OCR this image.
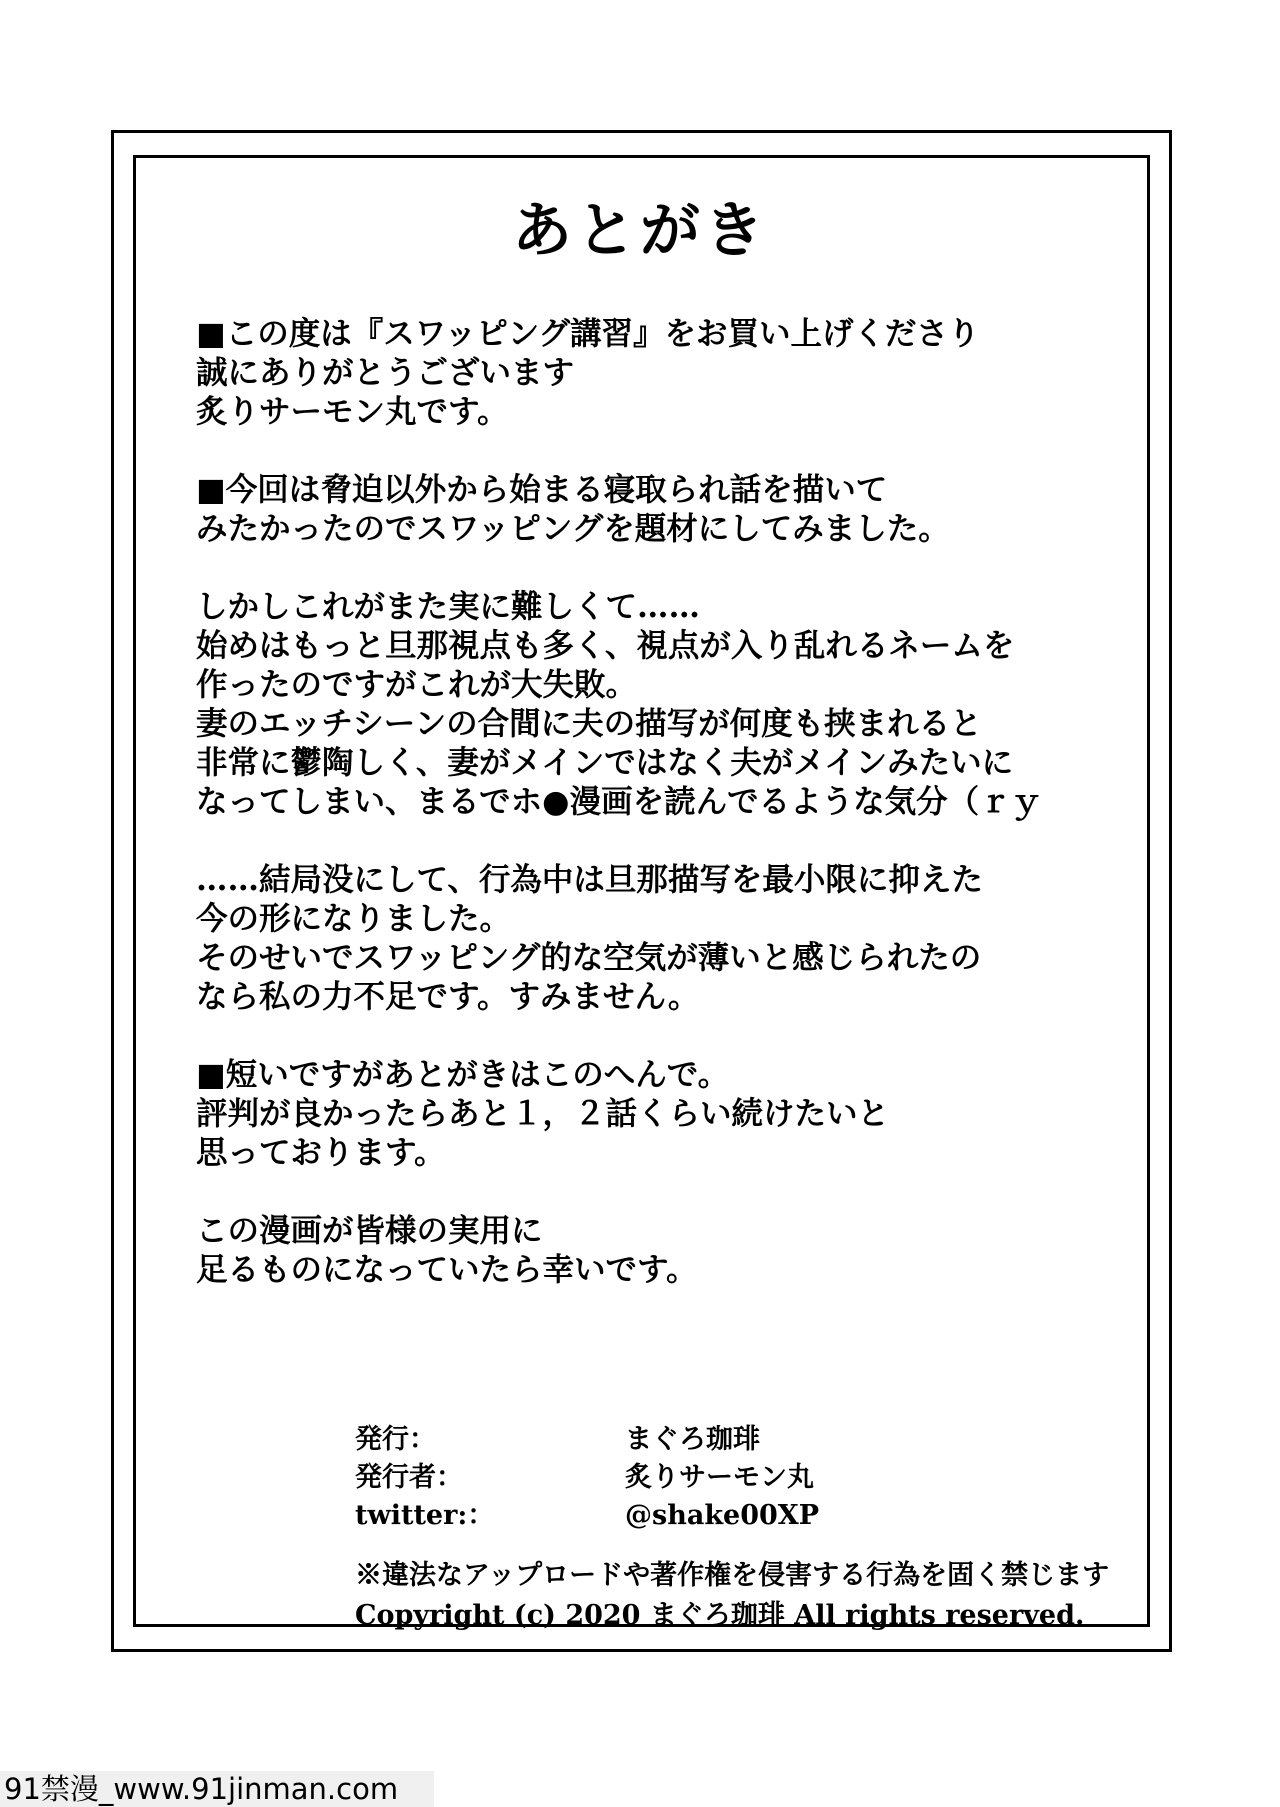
あとがき
■この度は『スワッピング講習』をお買い上げくださり
誠にありがとうございます
炙りサーモン丸です。
■今回は脅迫以外から始まる寝取られ話を描いて
みたかったのでスワッピングを題材にしてみました。
しかしこれがまた実に難しくて……
始めはもっと旦那視点も多く、視点が入り乱れるネームを
作ったのですがこれが大失敗。
妻のエッチシーンの合間に夫の描写が何度も挟まれると
非常に鬱陶しく、妻がメインではなく夫がメインみたいに
なってしまい、まるでホ●漫画を読んでるような気分（ｒｙ
……結局没にして、行為中は旦那描写を最小限に抑えた
今の形になりました。
そのせいでスワッピング的な空気が薄いと感じられたの
なら私の力不足です。すみません。
■短いですがあとがきはこのへんで。
評判が良かったらあと１，２話くらい続けたいと
思っております。
この漫画が皆様の実用に
足るものになっていたら幸いです。
発行：	まぐろ珈琲
発行者：	炙りサーモン丸
twitter:：	@shake00XP
※違法なアップロードや著作権を侵害する行為を固く禁じます
Copyright (c) 2020 まぐろ珈琲 All rights reserved.
91禁漫_www.91jinman.com
